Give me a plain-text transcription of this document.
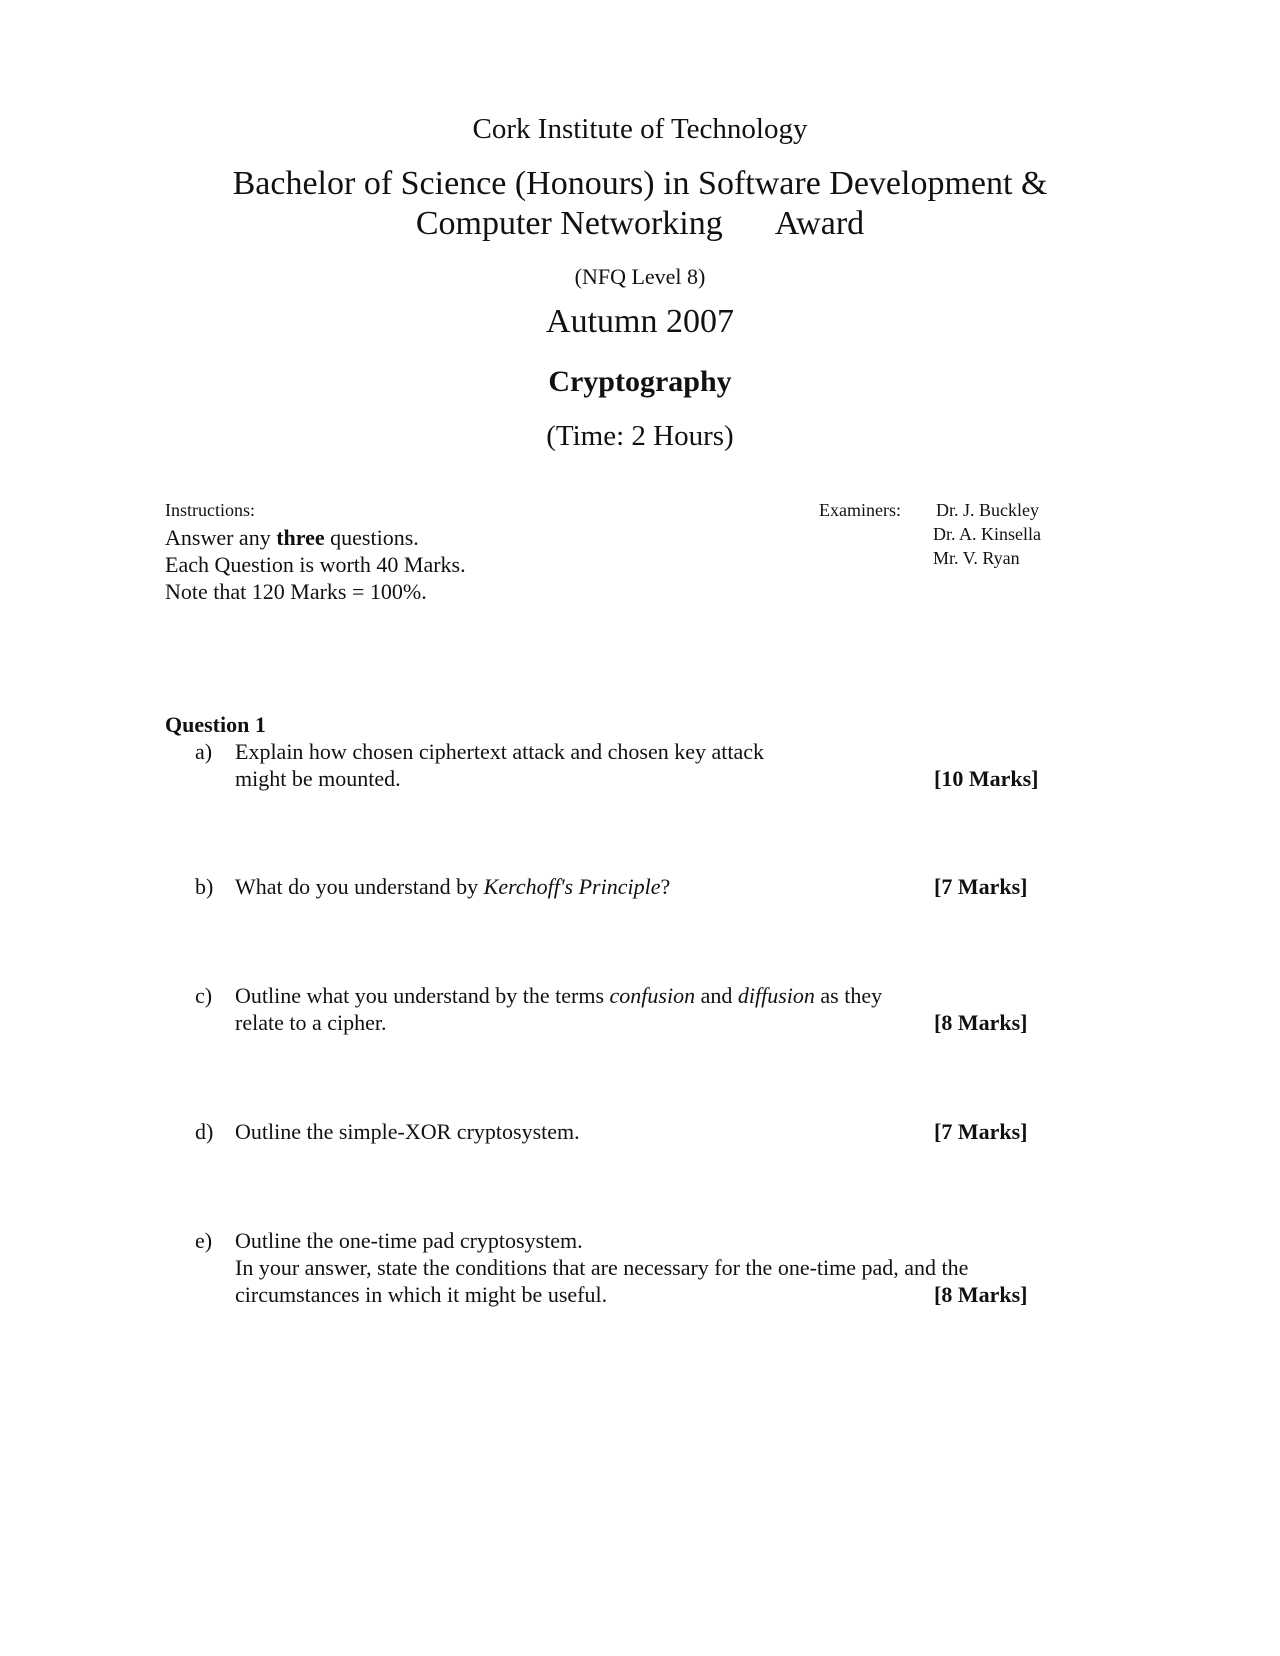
Cork Institute of Technology
Bachelor of Science (Honours) in Software Development &
Computer Networking Award
(NFQ Level 8)
Autumn 2007
Cryptography
(Time: 2 Hours)
Instructions:
Answer any three questions.
Each Question is worth 40 Marks.
Note that 120 Marks = 100%.
Examiners: Dr. J. Buckley
Dr. A. Kinsella
Mr. V. Ryan
Question 1
a) Explain how chosen ciphertext attack and chosen key attack
might be mounted.	[10 Marks]
b) What do you understand by Kerchoff's Principle?	[7 Marks]
c) Outline what you understand by the terms confusion and diffusion as they
relate to a cipher.	[8 Marks]
d) Outline the simple-XOR cryptosystem.	[7 Marks]
e) Outline the one-time pad cryptosystem.
In your answer, state the conditions that are necessary for the one-time pad, and the
circumstances in which it might be useful.	[8 Marks]
